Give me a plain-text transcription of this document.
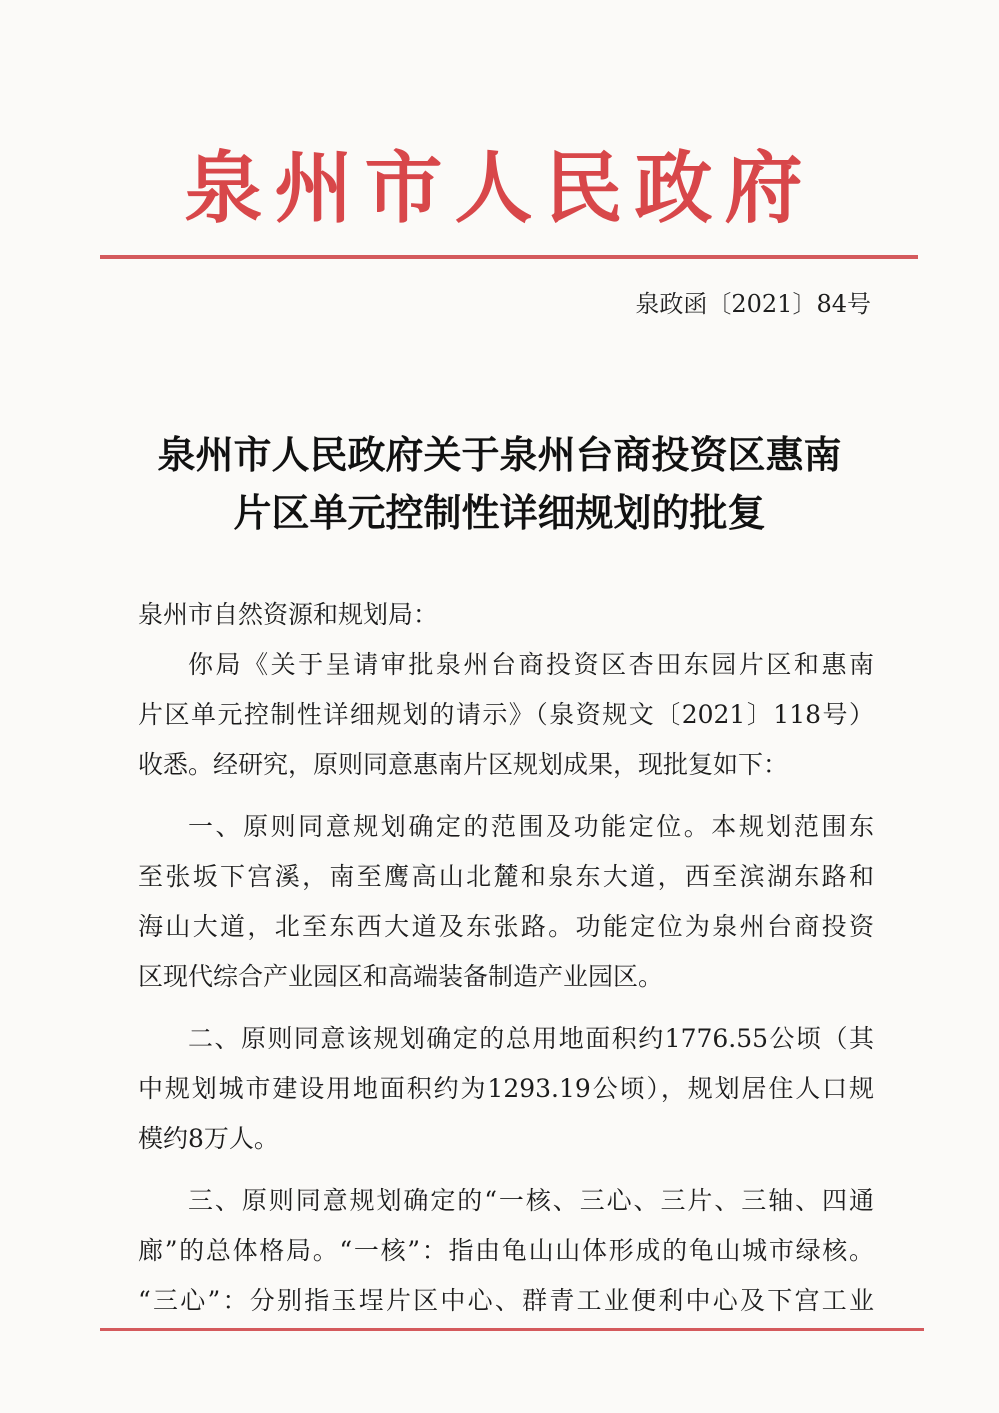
泉州市人民政府
泉政函〔2021〕84号
泉州市人民政府关于泉州台商投资区惠南
片区单元控制性详细规划的批复
泉州市自然资源和规划局：
你局《关于呈请审批泉州台商投资区杏田东园片区和惠南
片区单元控制性详细规划的请示》（泉资规文〔2021〕118号）
收悉。经研究，原则同意惠南片区规划成果，现批复如下：
一、原则同意规划确定的范围及功能定位。本规划范围东
至张坂下宫溪，南至鹰高山北麓和泉东大道，西至滨湖东路和
海山大道，北至东西大道及东张路。功能定位为泉州台商投资
区现代综合产业园区和高端装备制造产业园区。
二、原则同意该规划确定的总用地面积约1776.55公顷（其
中规划城市建设用地面积约为1293.19公顷），规划居住人口规
模约8万人。
三、原则同意规划确定的“一核、三心、三片、三轴、四通
廊”的总体格局。“一核”：指由龟山山体形成的龟山城市绿核。
“三心”：分别指玉埕片区中心、群青工业便利中心及下宫工业
